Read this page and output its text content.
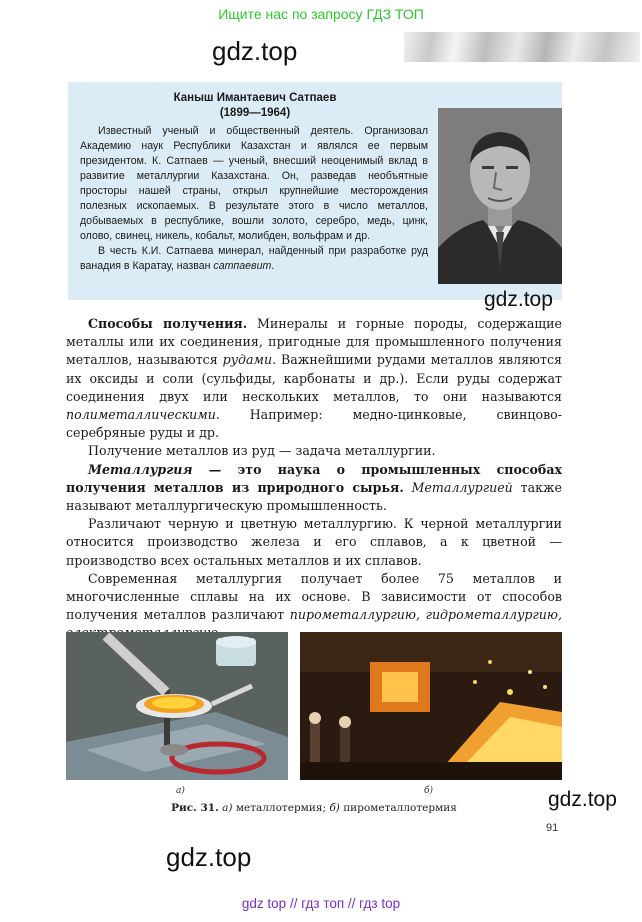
Ищите нас по запросу ГДЗ ТОП
gdz.top
Каныш Имантаевич Сатпаев
(1899—1964)

Известный ученый и общественный деятель. Организовал Академию наук Республики Казахстан и являлся ее первым президентом. К. Сатпаев — ученый, внесший неоценимый вклад в развитие металлургии Казахстана. Он, разведав необъятные просторы нашей страны, открыл крупнейшие месторождения полезных ископаемых. В результате этого в число металлов, добываемых в республике, вошли золото, серебро, медь, цинк, олово, свинец, никель, кобальт, молибден, вольфрам и др.

В честь К.И. Сатпаева минерал, найденный при разработке руд ванадия в Каратау, назван сатпаевит.

gdz.top

Способы получения. Минералы и горные породы, содержащие металлы или их соединения, пригодные для промышленного получения металлов, называются рудами. Важнейшими рудами металлов являются их оксиды и соли (сульфиды, карбонаты и др.). Если руды содержат соединения двух или нескольких металлов, то они называются полиметаллическими. Например: медно-цинковые, свинцово-серебряные руды и др.

Получение металлов из руд — задача металлургии.

Металлургия — это наука о промышленных способах получения металлов из природного сырья. Металлургией также называют металлургическую промышленность.

Различают черную и цветную металлургию. К черной металлургии относится производство железа и его сплавов, а к цветной — производство всех остальных металлов и их сплавов.

Современная металлургия получает более 75 металлов и многочисленные сплавы на их основе. В зависимости от способов получения металлов различают пирометаллургию, гидрометаллургию,

а)	б)
Рис. 31. а) металлотермия; б) пирометаллотермия	gdz.top
91
gdz.top
gdz top // гдз топ // гдз top
